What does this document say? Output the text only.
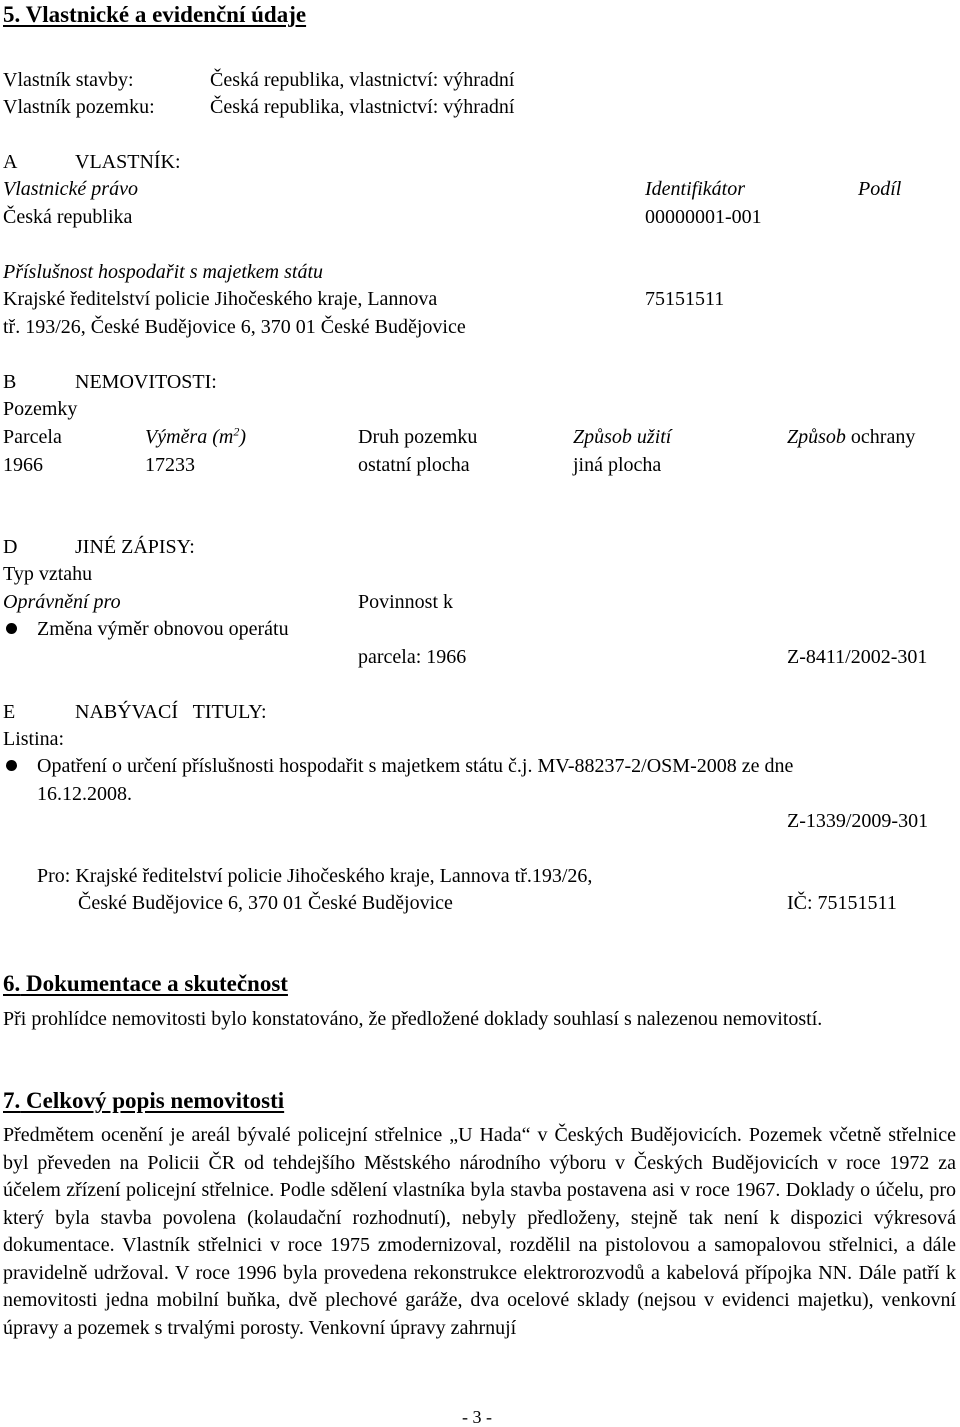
5. Vlastnické a evidenční údaje
Vlastník stavby:	Česká republika, vlastnictví: výhradní
Vlastník pozemku:	Česká republika, vlastnictví: výhradní
A	VLASTNÍK:
Vlastnické právo	Identifikátor	Podíl
Česká republika	00000001-001
Příslušnost hospodařit s majetkem státu
Krajské ředitelství policie Jihočeského kraje, Lannova	75151511
tř. 193/26, České Budějovice 6, 370 01 České Budějovice
B	NEMOVITOSTI:
Pozemky
Parcela	Výměra $(m^2)$	Druh pozemku	Způsob užití	Způsob ochrany
1966	17233	ostatní plocha	jiná plocha
D	JINÉ ZÁPISY:
Typ vztahu
Oprávnění pro	Povinnost k
Změna výměr obnovou operátu
parcela: 1966	Z-8411/2002-301
E	NABÝVACÍ   TITULY:
Listina:
Opatření o určení příslušnosti hospodařit s majetkem státu č.j. MV-88237-2/OSM-2008 ze dne
16.12.2008.
Z-1339/2009-301
Pro: Krajské ředitelství policie Jihočeského kraje, Lannova tř.193/26,
České Budějovice 6, 370 01 České Budějovice	IČ: 75151511
6. Dokumentace a skutečnost
Při prohlídce nemovitosti bylo konstatováno, že předložené doklady souhlasí s nalezenou nemovitostí.
7. Celkový popis nemovitosti
Předmětem ocenění je areál bývalé policejní střelnice „U Hada“ v Českých Budějovicích. Pozemek včetně střelnice byl převeden na Policii ČR od tehdejšího Městského národního výboru v Českých Budějovicích v roce 1972 za účelem zřízení policejní střelnice. Podle sdělení vlastníka byla stavba postavena asi v roce 1967. Doklady o účelu, pro který byla stavba povolena (kolaudační rozhodnutí), nebyly předloženy, stejně tak není k dispozici výkresová dokumentace. Vlastník střelnici v roce 1975 zmodernizoval, rozdělil na pistolovou a samopalovou střelnici, a dále pravidelně udržoval. V roce 1996 byla provedena rekonstrukce elektrorozvodů a kabelová přípojka NN. Dále patří k nemovitosti jedna mobilní buňka, dvě plechové garáže, dva ocelové sklady (nejsou v evidenci majetku), venkovní úpravy a pozemek s trvalými porosty. Venkovní úpravy zahrnují
- 3 -
